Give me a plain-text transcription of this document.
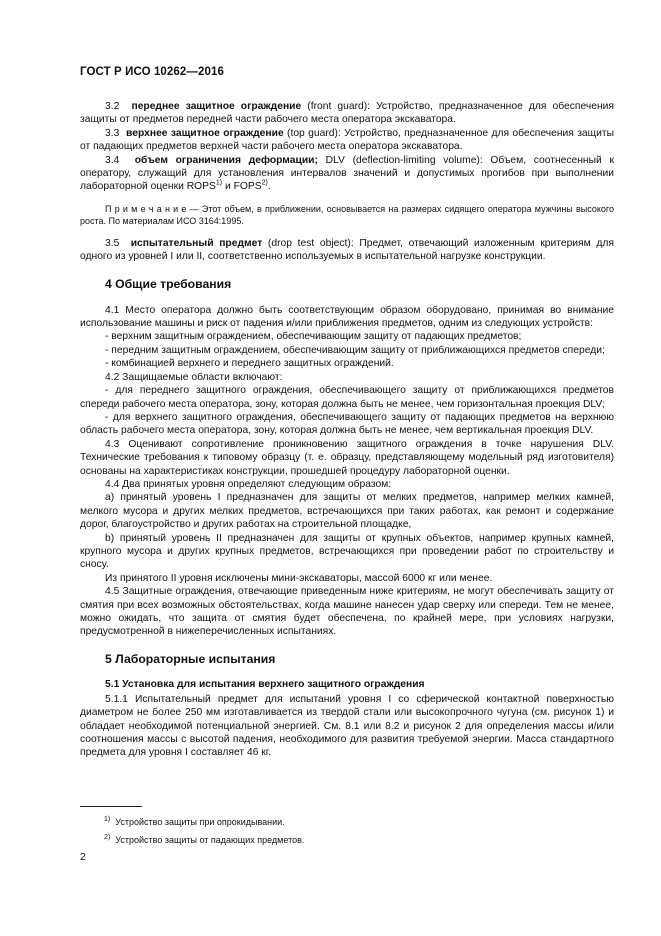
ГОСТ Р ИСО 10262—2016

3.2 переднее защитное ограждение (front guard): Устройство, предназначенное для обеспечения защиты от предметов передней части рабочего места оператора экскаватора.

3.3 верхнее защитное ограждение (top guard): Устройство, предназначенное для обеспечения защиты от падающих предметов верхней части рабочего места оператора экскаватора.

3.4 объем ограничения деформации; DLV (deflection-limiting volume): Объем, соотнесенный к оператору, служащий для установления интервалов значений и допустимых прогибов при выполнении лабораторной оценки ROPS$^{1)}$ и FOPS$^{2)}$.

П р и м е ч а н и е — Этот объем, в приближении, основывается на размерах сидящего оператора мужчины высокого роста. По материалам ИСО 3164:1995.

3.5 испытательный предмет (drop test object): Предмет, отвечающий изложенным критериям для одного из уровней I или II, соответственно используемых в испытательной нагрузке конструкции.

4 Общие требования

4.1 Место оператора должно быть соответствующим образом оборудовано, принимая во внимание использование машины и риск от падения и/или приближения предметов, одним из следующих устройств:

- верхним защитным ограждением, обеспечивающим защиту от падающих предметов;

- передним защитным ограждением, обеспечивающим защиту от приближающихся предметов спереди;

- комбинацией верхнего и переднего защитных ограждений.

4.2 Защищаемые области включают:

- для переднего защитного ограждения, обеспечивающего защиту от приближающихся предметов спереди рабочего места оператора, зону, которая должна быть не менее, чем горизонтальная проекция DLV;

- для верхнего защитного ограждения, обеспечивающего защиту от падающих предметов на верхнюю область рабочего места оператора, зону, которая должна быть не менее, чем вертикальная проекция DLV.

4.3 Оценивают сопротивление проникновению защитного ограждения в точке нарушения DLV. Технические требования к типовому образцу (т. е. образцу, представляющему модельный ряд изготовителя) основаны на характеристиках конструкции, прошедшей процедуру лабораторной оценки.

4.4 Два принятых уровня определяют следующим образом:

а) принятый уровень I предназначен для защиты от мелких предметов, например мелких камней, мелкого мусора и других мелких предметов, встречающихся при таких работах, как ремонт и содержание дорог, благоустройство и других работах на строительной площадке,

b) принятый уровень II предназначен для защиты от крупных объектов, например крупных камней, крупного мусора и других крупных предметов, встречающихся при проведении работ по строительству и сносу.

Из принятого II уровня исключены мини-экскаваторы, массой 6000 кг или менее.

4.5 Защитные ограждения, отвечающие приведенным ниже критериям, не могут обеспечивать защиту от смятия при всех возможных обстоятельствах, когда машине нанесен удар сверху или спереди. Тем не менее, можно ожидать, что защита от смятия будет обеспечена, по крайней мере, при условиях нагрузки, предусмотренной в нижеперечисленных испытаниях.

5 Лабораторные испытания
5.1 Установка для испытания верхнего защитного ограждения

5.1.1 Испытательный предмет для испытаний уровня I со сферической контактной поверхностью диаметром не более 250 мм изготавливается из твердой стали или высокопрочного чугуна (см. рисунок 1) и обладает необходимой потенциальной энергией. См. 8.1 или 8.2 и рисунок 2 для определения массы и/или соотношения массы с высотой падения, необходимого для развития требуемой энергии. Масса стандартного предмета для уровня I составляет 46 кг.

$^{1)}$ Устройство защиты при опрокидывании.
$^{2)}$ Устройство защиты от падающих предметов.
2
